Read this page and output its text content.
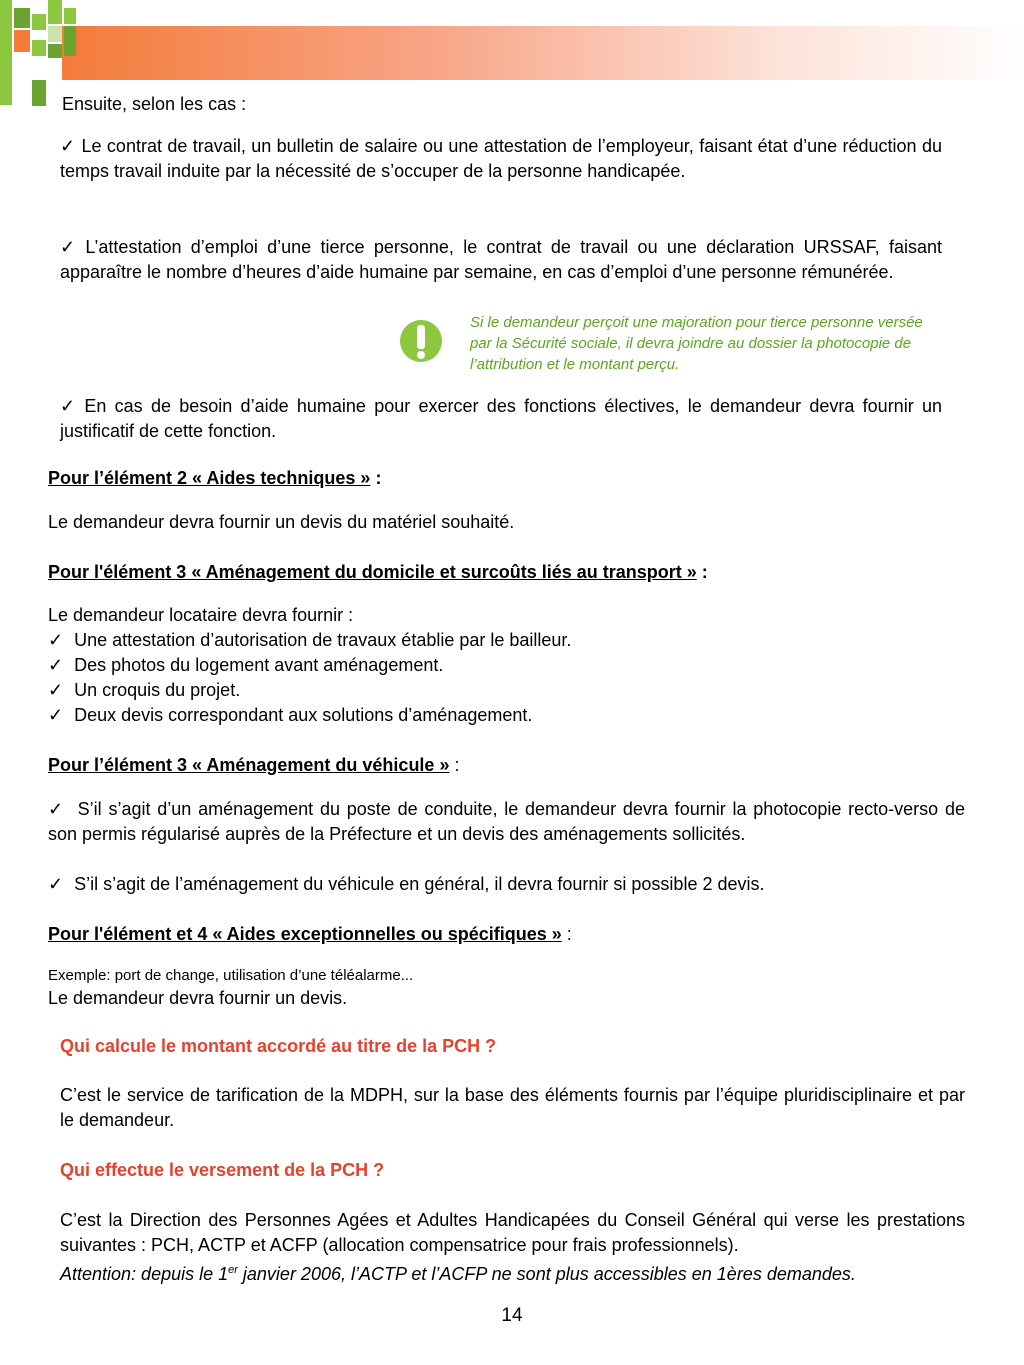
Ensuite, selon les cas :
✓ Le contrat de travail, un bulletin de salaire ou une attestation de l’employeur, faisant état d’une réduction du temps travail induite par la nécessité de s’occuper de la personne handicapée.
✓ L’attestation d’emploi d’une tierce personne, le contrat de travail ou une déclaration URSSAF, faisant apparaître le nombre d’heures d’aide humaine par semaine, en cas d’emploi d’une personne rémunérée.
Si le demandeur perçoit une majoration pour tierce personne versée par la Sécurité sociale, il devra joindre au dossier la photocopie de l’attribution et le montant perçu.
✓ En cas de besoin d’aide humaine pour exercer des fonctions électives, le demandeur devra fournir un justificatif de cette fonction.
Pour l’élément 2 « Aides techniques » :
Le demandeur devra fournir un devis du matériel souhaité.
Pour l'élément 3 « Aménagement du domicile et surcoûts liés au transport » :
Le demandeur locataire devra fournir :
✓ Une attestation d’autorisation de travaux établie par le bailleur.
✓ Des photos du logement avant aménagement.
✓ Un croquis du projet.
✓ Deux devis correspondant aux solutions d’aménagement.
Pour l’élément 3 « Aménagement du véhicule » :
✓ S’il s’agit d’un aménagement du poste de conduite, le demandeur devra fournir la photocopie recto-verso de son permis régularisé auprès de la Préfecture et un devis des aménagements sollicités.
✓ S’il s’agit de l’aménagement du véhicule en général, il devra fournir si possible 2 devis.
Pour l'élément et 4 « Aides exceptionnelles ou spécifiques » :
Exemple: port de change, utilisation d’une téléalarme...
Le demandeur devra fournir un devis.
Qui calcule le montant accordé au titre de la PCH ?
C’est le service de tarification de la MDPH, sur la base des éléments fournis par l’équipe pluridisciplinaire et par le demandeur.
Qui effectue le versement de la PCH ?
C’est la Direction des Personnes Agées et Adultes Handicapées du Conseil Général qui verse les prestations suivantes : PCH, ACTP et ACFP (allocation compensatrice pour frais professionnels).
Attention: depuis le 1er janvier 2006, l’ACTP et l’ACFP ne sont plus accessibles en 1ères demandes.
14
